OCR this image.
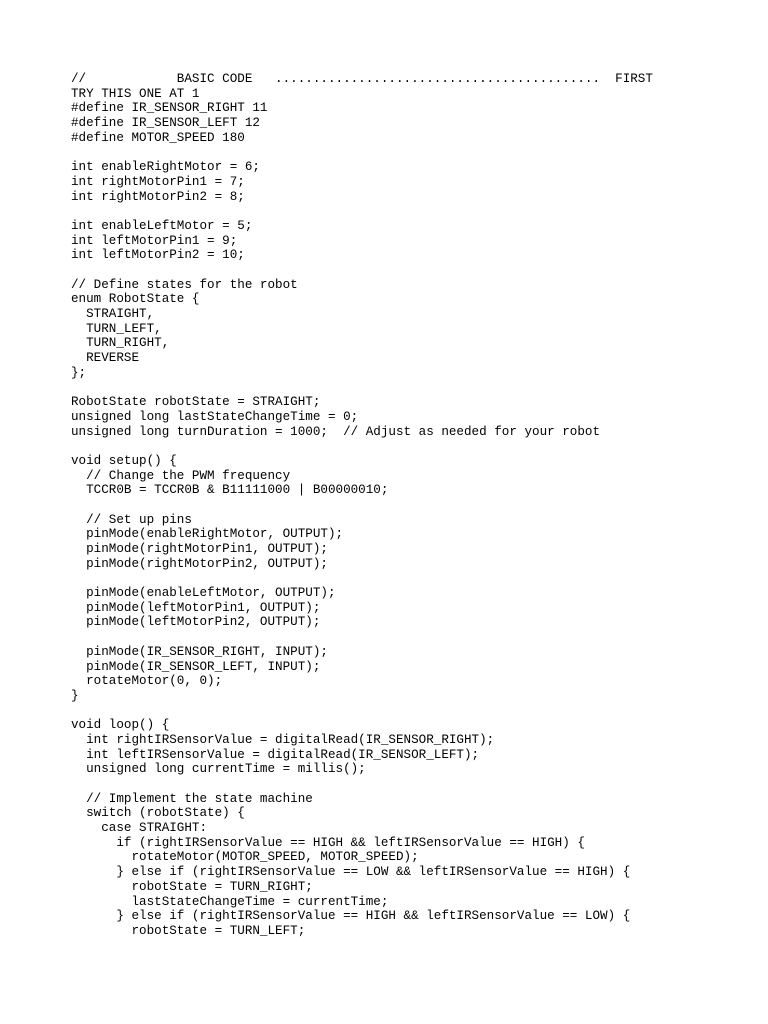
//            BASIC CODE   ...........................................  FIRST
TRY THIS ONE AT 1
#define IR_SENSOR_RIGHT 11
#define IR_SENSOR_LEFT 12
#define MOTOR_SPEED 180
int enableRightMotor = 6;
int rightMotorPin1 = 7;
int rightMotorPin2 = 8;
int enableLeftMotor = 5;
int leftMotorPin1 = 9;
int leftMotorPin2 = 10;
// Define states for the robot
enum RobotState {
STRAIGHT,
TURN_LEFT,
TURN_RIGHT,
REVERSE
};
RobotState robotState = STRAIGHT;
unsigned long lastStateChangeTime = 0;
unsigned long turnDuration = 1000;  // Adjust as needed for your robot
void setup() {
// Change the PWM frequency
TCCR0B = TCCR0B & B11111000 | B00000010;
// Set up pins
pinMode(enableRightMotor, OUTPUT);
pinMode(rightMotorPin1, OUTPUT);
pinMode(rightMotorPin2, OUTPUT);
pinMode(enableLeftMotor, OUTPUT);
pinMode(leftMotorPin1, OUTPUT);
pinMode(leftMotorPin2, OUTPUT);
pinMode(IR_SENSOR_RIGHT, INPUT);
pinMode(IR_SENSOR_LEFT, INPUT);
rotateMotor(0, 0);
}
void loop() {
int rightIRSensorValue = digitalRead(IR_SENSOR_RIGHT);
int leftIRSensorValue = digitalRead(IR_SENSOR_LEFT);
unsigned long currentTime = millis();
// Implement the state machine
switch (robotState) {
case STRAIGHT:
if (rightIRSensorValue == HIGH && leftIRSensorValue == HIGH) {
rotateMotor(MOTOR_SPEED, MOTOR_SPEED);
} else if (rightIRSensorValue == LOW && leftIRSensorValue == HIGH) {
robotState = TURN_RIGHT;
lastStateChangeTime = currentTime;
} else if (rightIRSensorValue == HIGH && leftIRSensorValue == LOW) {
robotState = TURN_LEFT;
